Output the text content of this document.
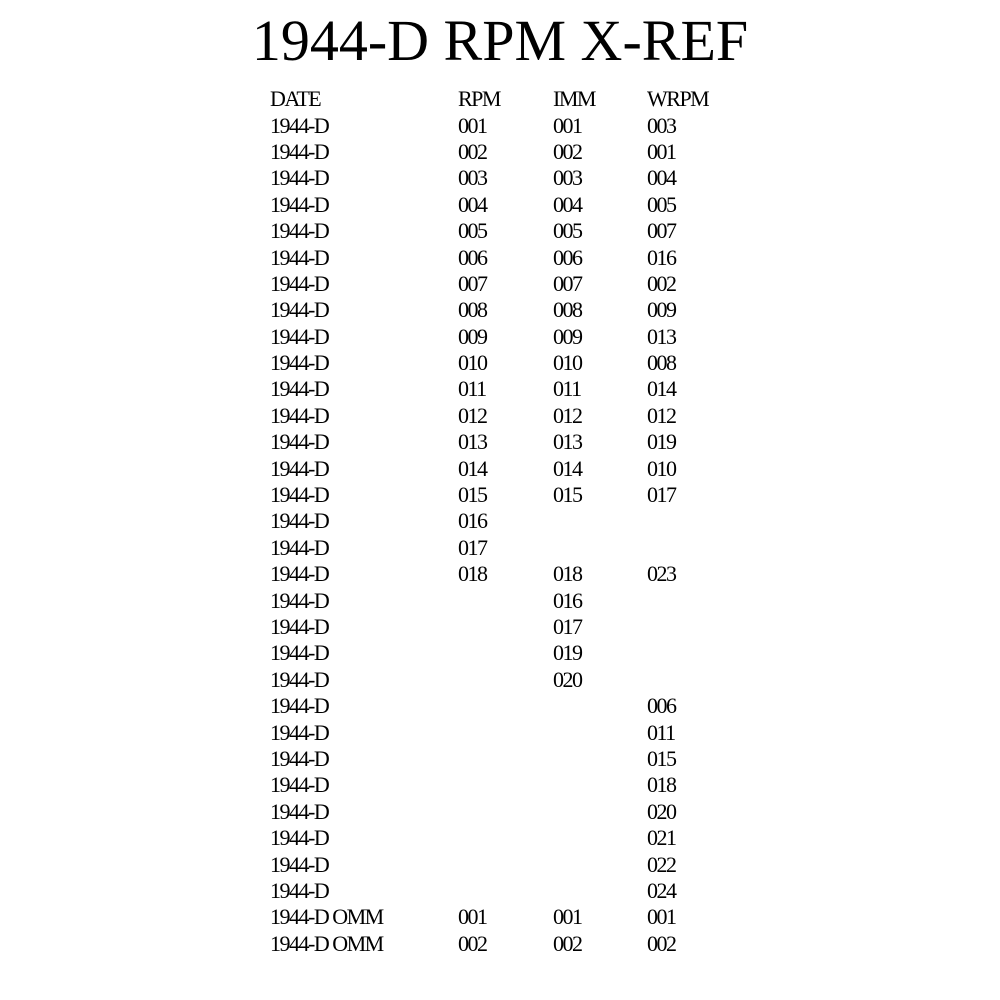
1944-D RPM X-REF
DATE	RPM	IMM	WRPM
1944-D	001	001	003
1944-D	002	002	001
1944-D	003	003	004
1944-D	004	004	005
1944-D	005	005	007
1944-D	006	006	016
1944-D	007	007	002
1944-D	008	008	009
1944-D	009	009	013
1944-D	010	010	008
1944-D	011	011	014
1944-D	012	012	012
1944-D	013	013	019
1944-D	014	014	010
1944-D	015	015	017
1944-D	016		
1944-D	017		
1944-D	018	018	023
1944-D		016	
1944-D		017	
1944-D		019	
1944-D		020	
1944-D			006
1944-D			011
1944-D			015
1944-D			018
1944-D			020
1944-D			021
1944-D			022
1944-D			024
1944-D OMM	001	001	001
1944-D OMM	002	002	002
